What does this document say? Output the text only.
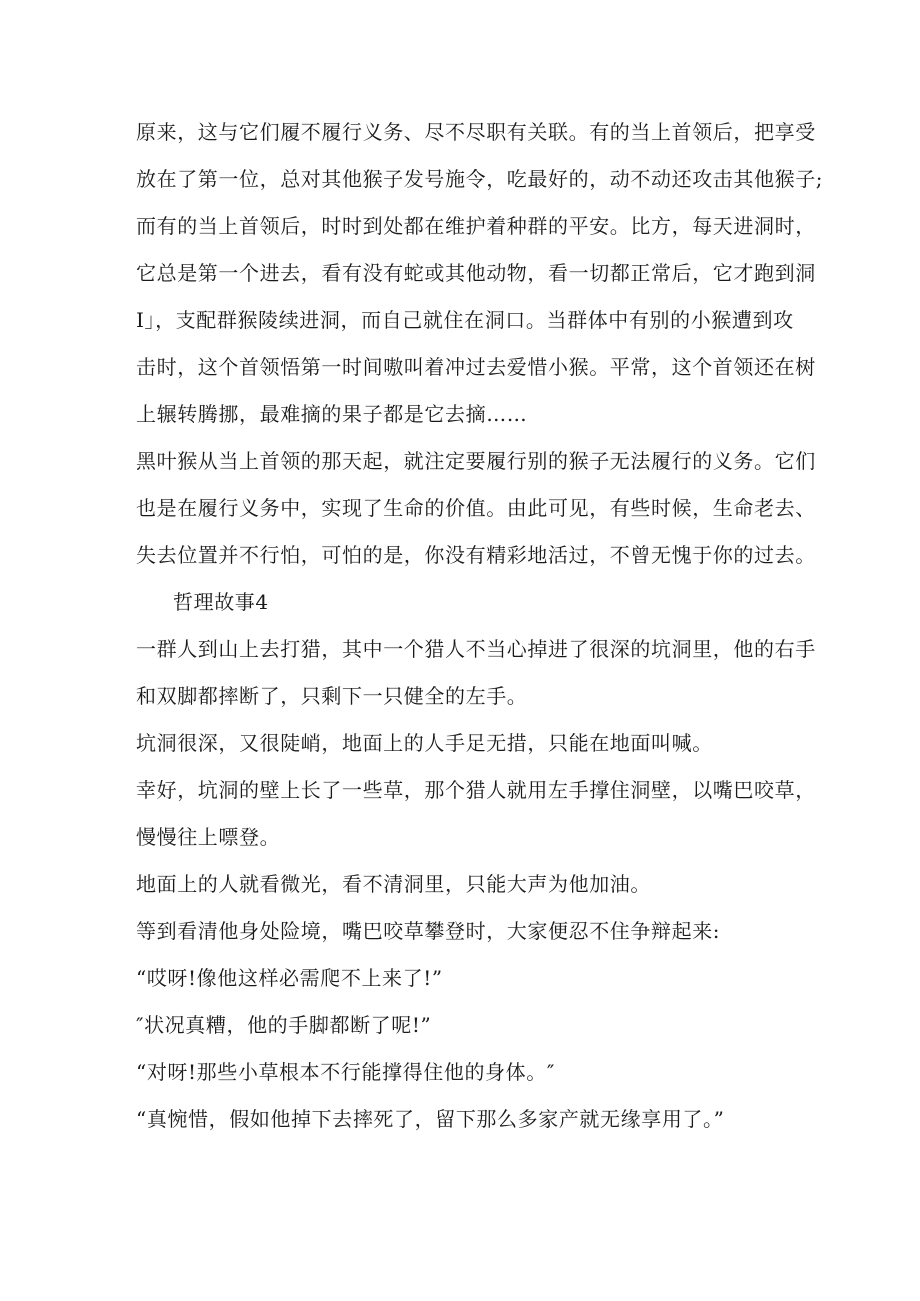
原来，这与它们履不履行义务、尽不尽职有关联。有的当上首领后，把享受

放在了第一位，总对其他猴子发号施令，吃最好的，动不动还攻击其他猴子;

而有的当上首领后，时时到处都在维护着种群的平安。比方，每天进洞时，

它总是第一个进去，看有没有蛇或其他动物，看一切都正常后，它才跑到洞

I」，支配群猴陵续进洞，而自己就住在洞口。当群体中有别的小猴遭到攻

击时，这个首领悟第一时间嗷叫着冲过去爱惜小猴。平常，这个首领还在树

上辗转腾挪，最难摘的果子都是它去摘……

黑叶猴从当上首领的那天起，就注定要履行别的猴子无法履行的义务。它们

也是在履行义务中，实现了生命的价值。由此可见，有些时候，生命老去、

失去位置并不行怕，可怕的是，你没有精彩地活过，不曾无愧于你的过去。

哲理故事4

一群人到山上去打猎，其中一个猎人不当心掉进了很深的坑洞里，他的右手

和双脚都摔断了，只剩下一只健全的左手。

坑洞很深，又很陡峭，地面上的人手足无措，只能在地面叫喊。

幸好，坑洞的壁上长了一些草，那个猎人就用左手撑住洞壁，以嘴巴咬草，

慢慢往上嘌登。

地面上的人就看微光，看不清洞里，只能大声为他加油。

等到看清他身处险境，嘴巴咬草攀登时，大家便忍不住争辩起来:

“哎呀!像他这样必需爬不上来了!”

″状况真糟，他的手脚都断了呢!”

“对呀!那些小草根本不行能撑得住他的身体。″

“真惋惜，假如他掉下去摔死了，留下那么多家产就无缘享用了。”
